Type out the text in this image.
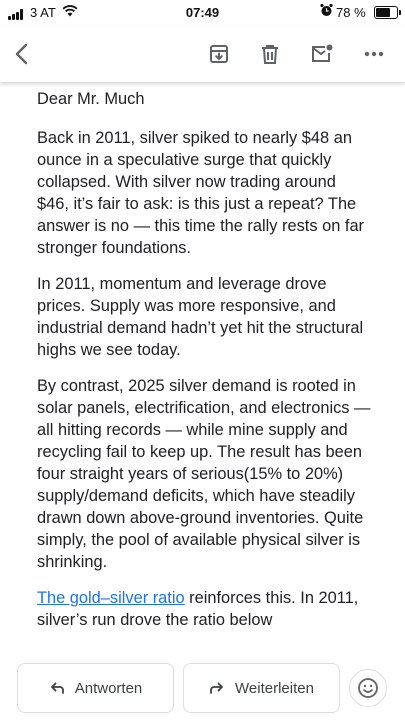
3 AT	07:49	78 %

Dear Mr. Much

Back in 2011, silver spiked to nearly $48 an ounce in a speculative surge that quickly collapsed. With silver now trading around $46, it’s fair to ask: is this just a repeat? The answer is no — this time the rally rests on far stronger foundations.

In 2011, momentum and leverage drove prices. Supply was more responsive, and industrial demand hadn’t yet hit the structural highs we see today.

By contrast, 2025 silver demand is rooted in solar panels, electrification, and electronics — all hitting records — while mine supply and recycling fail to keep up. The result has been four straight years of serious(15% to 20%) supply/demand deficits, which have steadily drawn down above-ground inventories. Quite simply, the pool of available physical silver is shrinking.

The gold–silver ratio reinforces this. In 2011, silver’s run drove the ratio below

Antworten	Weiterleiten
